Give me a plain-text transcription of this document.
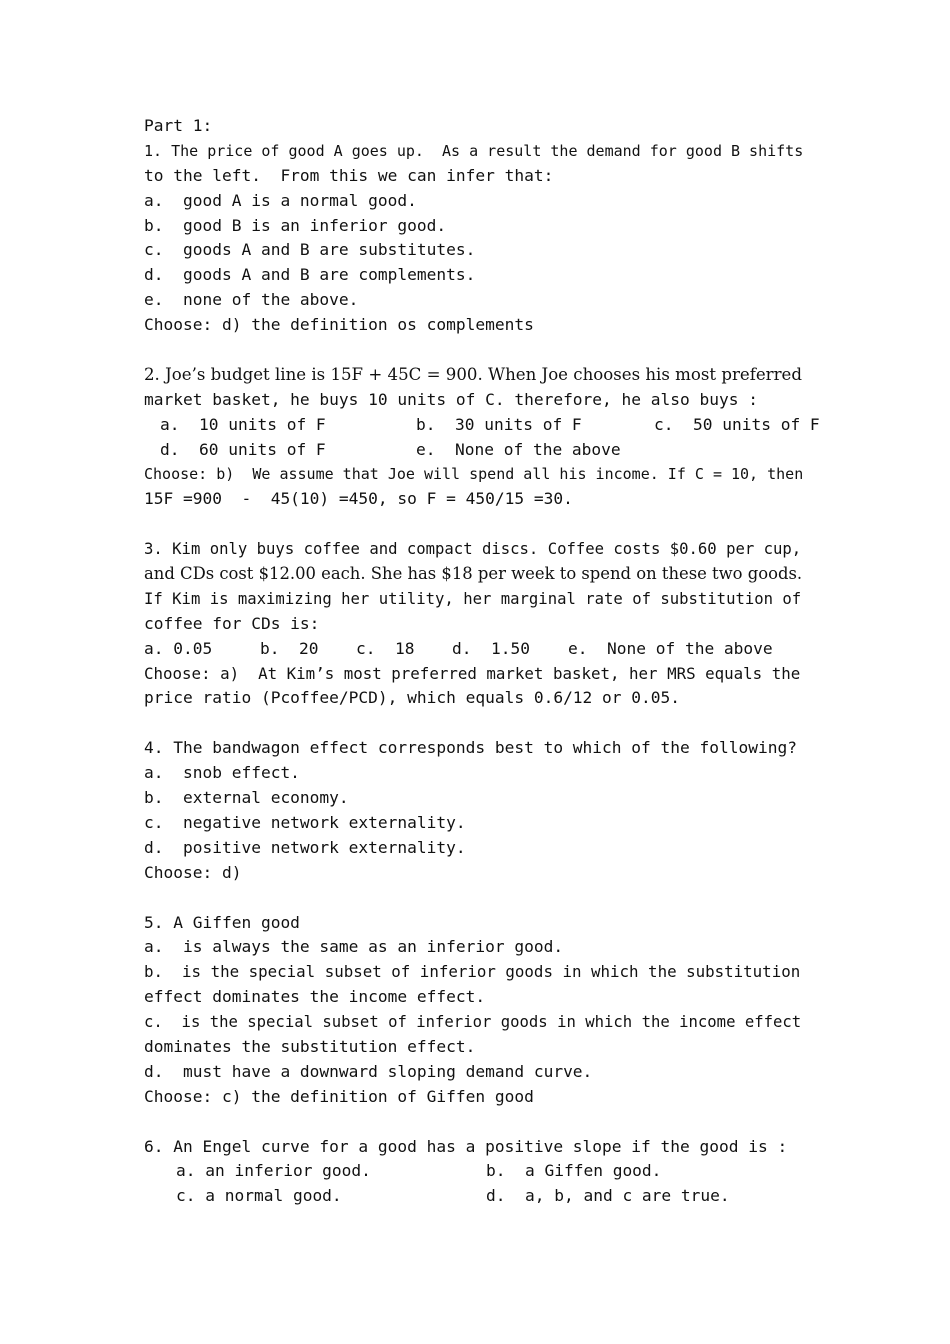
Part 1:
1. The price of good A goes up.  As a result the demand for good B shifts
to the left.  From this we can infer that:
a.  good A is a normal good.
b.  good B is an inferior good.
c.  goods A and B are substitutes.
d.  goods A and B are complements.
e.  none of the above.
Choose: d) the definition os complements
2. Joe’s budget line is 15F + 45C = 900. When Joe chooses his most preferred
market basket, he buys 10 units of C. therefore, he also buys :

a.  10 units of F

	b.  30 units of F

	c.  50 units of F

d.  60 units of F

	e.  None of the above

Choose: b)  We assume that Joe will spend all his income. If C = 10, then
15F =900  -  45(10) =450, so F = 450/15 =30.
3. Kim only buys coffee and compact discs. Coffee costs $0.60 per cup,
and CDs cost $12.00 each. She has $18 per week to spend on these two goods.
If Kim is maximizing her utility, her marginal rate of substitution of
coffee for CDs is:

a. 0.05

	b.  20

c.  18

d.  1.50

e.  None of the above

Choose: a)  At Kim’s most preferred market basket, her MRS equals the
price ratio (Pcoffee/PCD), which equals 0.6/12 or 0.05.
4. The bandwagon effect corresponds best to which of the following?
a.  snob effect.
b.  external economy.
c.  negative network externality.
d.  positive network externality.
Choose: d)
5. A Giffen good
a.  is always the same as an inferior good.
b.  is the special subset of inferior goods in which the substitution
effect dominates the income effect.
c.  is the special subset of inferior goods in which the income effect
dominates the substitution effect.
d.  must have a downward sloping demand curve.
Choose: c) the definition of Giffen good
6. An Engel curve for a good has a positive slope if the good is :

a. an inferior good.

	b.  a Giffen good.

c. a normal good.

	d.  a, b, and c are true.
